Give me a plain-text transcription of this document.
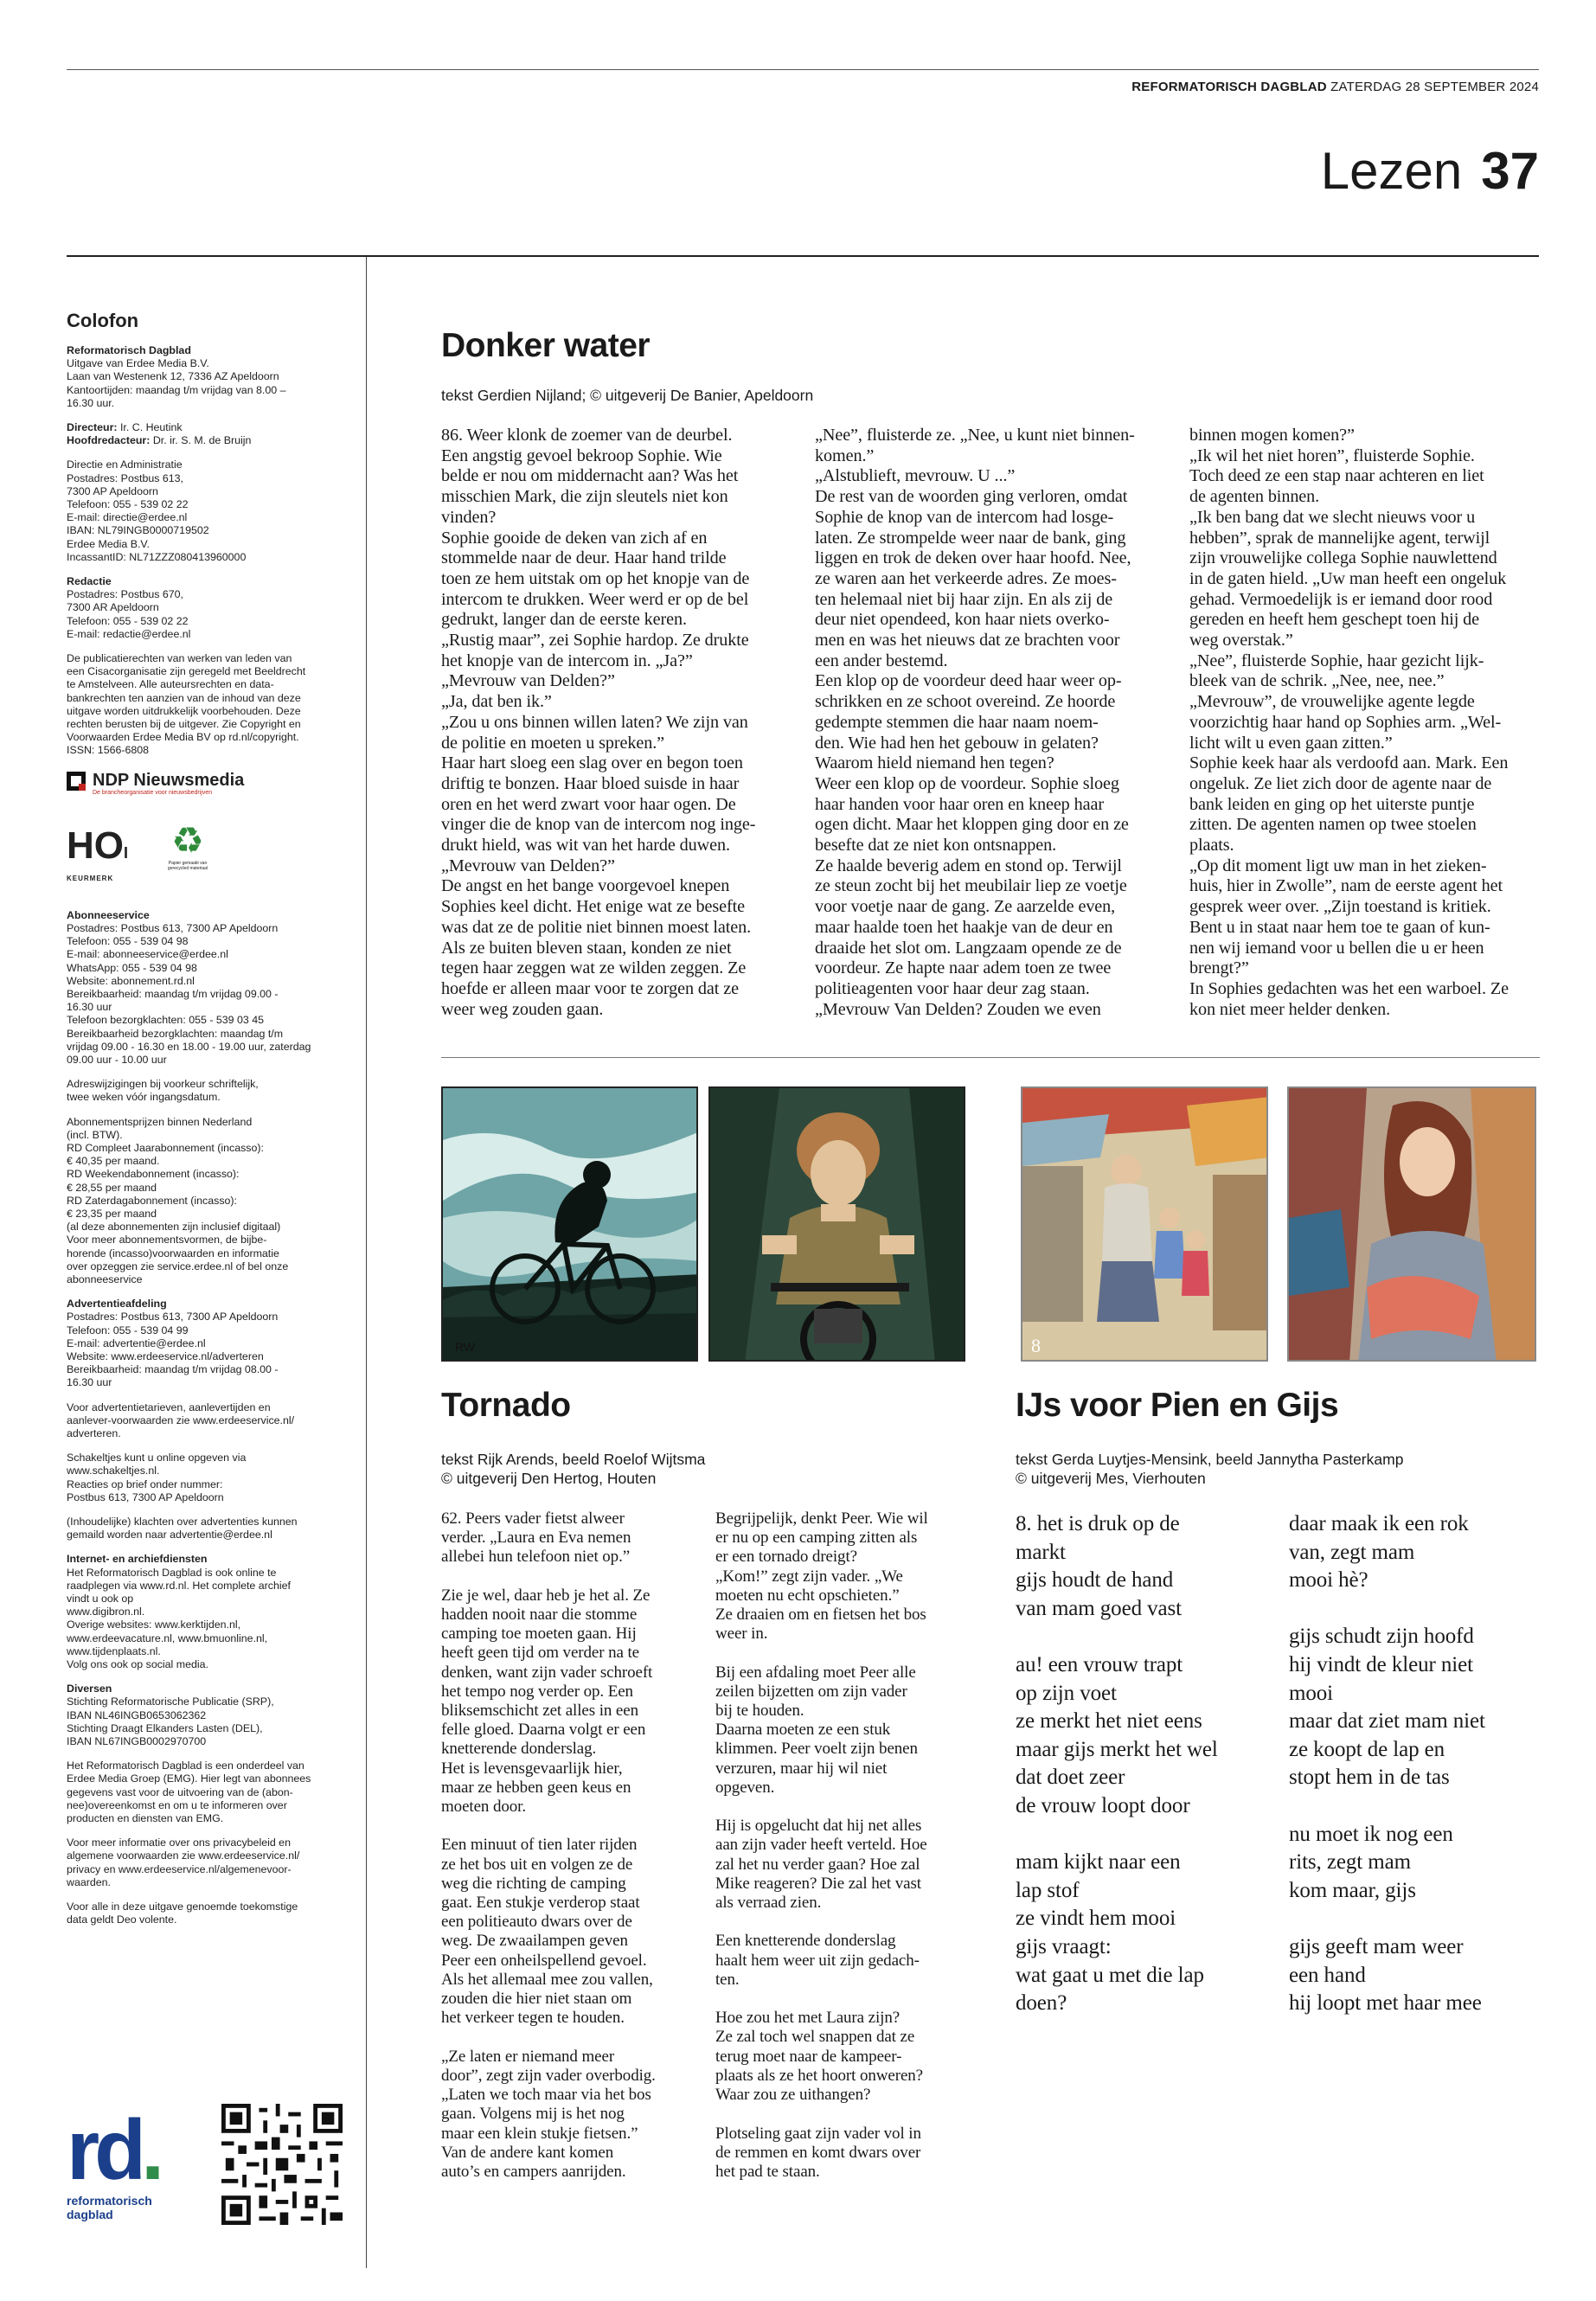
REFORMATORISCH DAGBLAD ZATERDAG 28 SEPTEMBER 2024
Lezen 37
Colofon
Reformatorisch Dagblad
Uitgave van Erdee Media B.V.
Laan van Westenenk 12, 7336 AZ Apeldoorn
Kantoortijden: maandag t/m vrijdag van 8.00 –
16.30 uur.
Directeur: Ir. C. Heutink
Hoofdredacteur: Dr. ir. S. M. de Bruijn
Directie en Administratie
Postadres: Postbus 613,
7300 AP Apeldoorn
Telefoon: 055 - 539 02 22
E-mail: directie@erdee.nl
IBAN: NL79INGB0000719502
Erdee Media B.V.
IncassantID: NL71ZZZ080413960000
Redactie
Postadres: Postbus 670,
7300 AR Apeldoorn
Telefoon: 055 - 539 02 22
E-mail: redactie@erdee.nl
De publicatierechten van werken van leden van
een Cisacorganisatie zijn geregeld met Beeldrecht
te Amstelveen. Alle auteursrechten en data-
bankrechten ten aanzien van de inhoud van deze
uitgave worden uitdrukkelijk voorbehouden. Deze
rechten berusten bij de uitgever. Zie Copyright en
Voorwaarden Erdee Media BV op rd.nl/copyright.
ISSN: 1566-6808
NDP Nieuwsmedia
De brancheorganisatie voor nieuwsbedrijven
HOI
KEURMERK
♻
Papier gemaakt van gerecycled materiaal
Abonneeservice
Postadres: Postbus 613, 7300 AP Apeldoorn
Telefoon: 055 - 539 04 98
E-mail: abonneeservice@erdee.nl
WhatsApp: 055 - 539 04 98
Website: abonnement.rd.nl
Bereikbaarheid: maandag t/m vrijdag 09.00 -
16.30 uur
Telefoon bezorgklachten: 055 - 539 03 45
Bereikbaarheid bezorgklachten: maandag t/m
vrijdag 09.00 - 16.30 en 18.00 - 19.00 uur, zaterdag
09.00 uur - 10.00 uur
Adreswijzigingen bij voorkeur schriftelijk,
twee weken vóór ingangsdatum.
Abonnementsprijzen binnen Nederland
(incl. BTW).
RD Compleet Jaarabonnement (incasso):
€ 40,35 per maand.
RD Weekendabonnement (incasso):
€ 28,55 per maand
RD Zaterdagabonnement (incasso):
€ 23,35 per maand
(al deze abonnementen zijn inclusief digitaal)
Voor meer abonnementsvormen, de bijbe-
horende (incasso)voorwaarden en informatie
over opzeggen zie service.erdee.nl of bel onze
abonneeservice
Advertentieafdeling
Postadres: Postbus 613, 7300 AP Apeldoorn
Telefoon: 055 - 539 04 99
E-mail: advertentie@erdee.nl
Website: www.erdeeservice.nl/adverteren
Bereikbaarheid: maandag t/m vrijdag 08.00 -
16.30 uur
Voor advertentietarieven, aanlevertijden en
aanlever-voorwaarden zie www.erdeeservice.nl/
adverteren.
Schakeltjes kunt u online opgeven via
www.schakeltjes.nl.
Reacties op brief onder nummer:
Postbus 613, 7300 AP Apeldoorn
(Inhoudelijke) klachten over advertenties kunnen
gemaild worden naar advertentie@erdee.nl
Internet- en archiefdiensten
Het Reformatorisch Dagblad is ook online te
raadplegen via www.rd.nl. Het complete archief
vindt u ook op
www.digibron.nl.
Overige websites: www.kerktijden.nl,
www.erdeevacature.nl, www.bmuonline.nl,
www.tijdenplaats.nl.
Volg ons ook op social media.
Diversen
Stichting Reformatorische Publicatie (SRP),
IBAN NL46INGB0653062362
Stichting Draagt Elkanders Lasten (DEL),
IBAN NL67INGB0002970700
Het Reformatorisch Dagblad is een onderdeel van
Erdee Media Groep (EMG). Hier legt van abonnees
gegevens vast voor de uitvoering van de (abon-
nee)overeenkomst en om u te informeren over
producten en diensten van EMG.
Voor meer informatie over ons privacybeleid en
algemene voorwaarden zie www.erdeeservice.nl/
privacy en www.erdeeservice.nl/algemenevoor-
waarden.
Voor alle in deze uitgave genoemde toekomstige
data geldt Deo volente.
rd.
reformatorisch
dagblad
Donker water
tekst Gerdien Nijland; © uitgeverij De Banier, Apeldoorn
86. Weer klonk de zoemer van de deurbel.
Een angstig gevoel bekroop Sophie. Wie
belde er nou om middernacht aan? Was het
misschien Mark, die zijn sleutels niet kon
vinden?
Sophie gooide de deken van zich af en
stommelde naar de deur. Haar hand trilde
toen ze hem uitstak om op het knopje van de
intercom te drukken. Weer werd er op de bel
gedrukt, langer dan de eerste keren.
„Rustig maar”, zei Sophie hardop. Ze drukte
het knopje van de intercom in. „Ja?”
„Mevrouw van Delden?”
„Ja, dat ben ik.”
„Zou u ons binnen willen laten? We zijn van
de politie en moeten u spreken.”
Haar hart sloeg een slag over en begon toen
driftig te bonzen. Haar bloed suisde in haar
oren en het werd zwart voor haar ogen. De
vinger die de knop van de intercom nog inge-
drukt hield, was wit van het harde duwen.
„Mevrouw van Delden?”
De angst en het bange voorgevoel knepen
Sophies keel dicht. Het enige wat ze besefte
was dat ze de politie niet binnen moest laten.
Als ze buiten bleven staan, konden ze niet
tegen haar zeggen wat ze wilden zeggen. Ze
hoefde er alleen maar voor te zorgen dat ze
weer weg zouden gaan.
„Nee”, fluisterde ze. „Nee, u kunt niet binnen-
komen.”
„Alstublieft, mevrouw. U ...”
De rest van de woorden ging verloren, omdat
Sophie de knop van de intercom had losge-
laten. Ze strompelde weer naar de bank, ging
liggen en trok de deken over haar hoofd. Nee,
ze waren aan het verkeerde adres. Ze moes-
ten helemaal niet bij haar zijn. En als zij de
deur niet opendeed, kon haar niets overko-
men en was het nieuws dat ze brachten voor
een ander bestemd.
Een klop op de voordeur deed haar weer op-
schrikken en ze schoot overeind. Ze hoorde
gedempte stemmen die haar naam noem-
den. Wie had hen het gebouw in gelaten?
Waarom hield niemand hen tegen?
Weer een klop op de voordeur. Sophie sloeg
haar handen voor haar oren en kneep haar
ogen dicht. Maar het kloppen ging door en ze
besefte dat ze niet kon ontsnappen.
Ze haalde beverig adem en stond op. Terwijl
ze steun zocht bij het meubilair liep ze voetje
voor voetje naar de gang. Ze aarzelde even,
maar haalde toen het haakje van de deur en
draaide het slot om. Langzaam opende ze de
voordeur. Ze hapte naar adem toen ze twee
politieagenten voor haar deur zag staan.
„Mevrouw Van Delden? Zouden we even
binnen mogen komen?”
„Ik wil het niet horen”, fluisterde Sophie.
Toch deed ze een stap naar achteren en liet
de agenten binnen.
„Ik ben bang dat we slecht nieuws voor u
hebben”, sprak de mannelijke agent, terwijl
zijn vrouwelijke collega Sophie nauwlettend
in de gaten hield. „Uw man heeft een ongeluk
gehad. Vermoedelijk is er iemand door rood
gereden en heeft hem geschept toen hij de
weg overstak.”
„Nee”, fluisterde Sophie, haar gezicht lijk-
bleek van de schrik. „Nee, nee, nee.”
„Mevrouw”, de vrouwelijke agente legde
voorzichtig haar hand op Sophies arm. „Wel-
licht wilt u even gaan zitten.”
Sophie keek haar als verdoofd aan. Mark. Een
ongeluk. Ze liet zich door de agente naar de
bank leiden en ging op het uiterste puntje
zitten. De agenten namen op twee stoelen
plaats.
„Op dit moment ligt uw man in het zieken-
huis, hier in Zwolle”, nam de eerste agent het
gesprek weer over. „Zijn toestand is kritiek.
Bent u in staat naar hem toe te gaan of kun-
nen wij iemand voor u bellen die u er heen
brengt?”
In Sophies gedachten was het een warboel. Ze
kon niet meer helder denken.
RW
Tornado
tekst Rijk Arends, beeld Roelof Wijtsma
© uitgeverij Den Hertog, Houten
62. Peers vader fietst alweer
verder. „Laura en Eva nemen
allebei hun telefoon niet op.”

Zie je wel, daar heb je het al. Ze
hadden nooit naar die stomme
camping toe moeten gaan. Hij
heeft geen tijd om verder na te
denken, want zijn vader schroeft
het tempo nog verder op. Een
bliksemschicht zet alles in een
felle gloed. Daarna volgt er een
knetterende donderslag.
Het is levensgevaarlijk hier,
maar ze hebben geen keus en
moeten door.

Een minuut of tien later rijden
ze het bos uit en volgen ze de
weg die richting de camping
gaat. Een stukje verderop staat
een politieauto dwars over de
weg. De zwaailampen geven
Peer een onheilspellend gevoel.
Als het allemaal mee zou vallen,
zouden die hier niet staan om
het verkeer tegen te houden.

„Ze laten er niemand meer
door”, zegt zijn vader overbodig.
„Laten we toch maar via het bos
gaan. Volgens mij is het nog
maar een klein stukje fietsen.”
Van de andere kant komen
auto’s en campers aanrijden.
Begrijpelijk, denkt Peer. Wie wil
er nu op een camping zitten als
er een tornado dreigt?
„Kom!” zegt zijn vader. „We
moeten nu echt opschieten.”
Ze draaien om en fietsen het bos
weer in.

Bij een afdaling moet Peer alle
zeilen bijzetten om zijn vader
bij te houden.
Daarna moeten ze een stuk
klimmen. Peer voelt zijn benen
verzuren, maar hij wil niet
opgeven.

Hij is opgelucht dat hij net alles
aan zijn vader heeft verteld. Hoe
zal het nu verder gaan? Hoe zal
Mike reageren? Die zal het vast
als verraad zien.

Een knetterende donderslag
haalt hem weer uit zijn gedach-
ten.

Hoe zou het met Laura zijn?
Ze zal toch wel snappen dat ze
terug moet naar de kampeer-
plaats als ze het hoort onweren?
Waar zou ze uithangen?

Plotseling gaat zijn vader vol in
de remmen en komt dwars over
het pad te staan.
8
IJs voor Pien en Gijs
tekst Gerda Luytjes-Mensink, beeld Jannytha Pasterkamp
© uitgeverij Mes, Vierhouten
8. het is druk op de
markt
gijs houdt de hand
van mam goed vast

au! een vrouw trapt
op zijn voet
ze merkt het niet eens
maar gijs merkt het wel
dat doet zeer
de vrouw loopt door

mam kijkt naar een
lap stof
ze vindt hem mooi
gijs vraagt:
wat gaat u met die lap
doen?
daar maak ik een rok
van, zegt mam
mooi hè?

gijs schudt zijn hoofd
hij vindt de kleur niet
mooi
maar dat ziet mam niet
ze koopt de lap en
stopt hem in de tas

nu moet ik nog een
rits, zegt mam
kom maar, gijs

gijs geeft mam weer
een hand
hij loopt met haar mee
